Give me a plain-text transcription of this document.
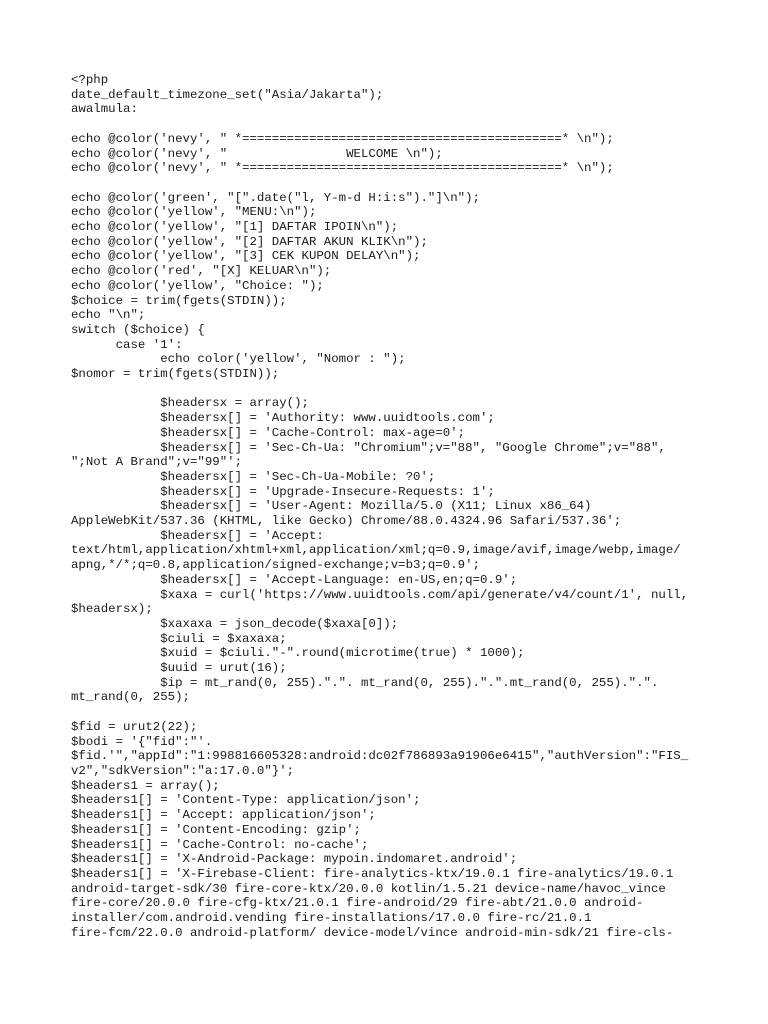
<?php
date_default_timezone_set("Asia/Jakarta");
awalmula:
echo @color('nevy', " *===========================================* \n");
echo @color('nevy', "                WELCOME \n");
echo @color('nevy', " *===========================================* \n");
echo @color('green', "[".date("l, Y-m-d H:i:s")."]\n");
echo @color('yellow', "MENU:\n");
echo @color('yellow', "[1] DAFTAR IPOIN\n");
echo @color('yellow', "[2] DAFTAR AKUN KLIK\n");
echo @color('yellow', "[3] CEK KUPON DELAY\n");
echo @color('red', "[X] KELUAR\n");
echo @color('yellow', "Choice: ");
$choice = trim(fgets(STDIN));
echo "\n";
switch ($choice) {
case '1':
echo color('yellow', "Nomor : ");
$nomor = trim(fgets(STDIN));
$headersx = array();
$headersx[] = 'Authority: www.uuidtools.com';
$headersx[] = 'Cache-Control: max-age=0';
$headersx[] = 'Sec-Ch-Ua: "Chromium";v="88", "Google Chrome";v="88",
";Not A Brand";v="99"';
$headersx[] = 'Sec-Ch-Ua-Mobile: ?0';
$headersx[] = 'Upgrade-Insecure-Requests: 1';
$headersx[] = 'User-Agent: Mozilla/5.0 (X11; Linux x86_64)
AppleWebKit/537.36 (KHTML, like Gecko) Chrome/88.0.4324.96 Safari/537.36';
$headersx[] = 'Accept:
text/html,application/xhtml+xml,application/xml;q=0.9,image/avif,image/webp,image/
apng,*/*;q=0.8,application/signed-exchange;v=b3;q=0.9';
$headersx[] = 'Accept-Language: en-US,en;q=0.9';
$xaxa = curl('https://www.uuidtools.com/api/generate/v4/count/1', null,
$headersx);
$xaxaxa = json_decode($xaxa[0]);
$ciuli = $xaxaxa;
$xuid = $ciuli."-".round(microtime(true) * 1000);
$uuid = urut(16);
$ip = mt_rand(0, 255).".". mt_rand(0, 255).".".mt_rand(0, 255).".".
mt_rand(0, 255);
$fid = urut2(22);
$bodi = '{"fid":"'.
$fid.'","appId":"1:998816605328:android:dc02f786893a91906e6415","authVersion":"FIS_
v2","sdkVersion":"a:17.0.0"}';
$headers1 = array();
$headers1[] = 'Content-Type: application/json';
$headers1[] = 'Accept: application/json';
$headers1[] = 'Content-Encoding: gzip';
$headers1[] = 'Cache-Control: no-cache';
$headers1[] = 'X-Android-Package: mypoin.indomaret.android';
$headers1[] = 'X-Firebase-Client: fire-analytics-ktx/19.0.1 fire-analytics/19.0.1
android-target-sdk/30 fire-core-ktx/20.0.0 kotlin/1.5.21 device-name/havoc_vince
fire-core/20.0.0 fire-cfg-ktx/21.0.1 fire-android/29 fire-abt/21.0.0 android-
installer/com.android.vending fire-installations/17.0.0 fire-rc/21.0.1
fire-fcm/22.0.0 android-platform/ device-model/vince android-min-sdk/21 fire-cls-
